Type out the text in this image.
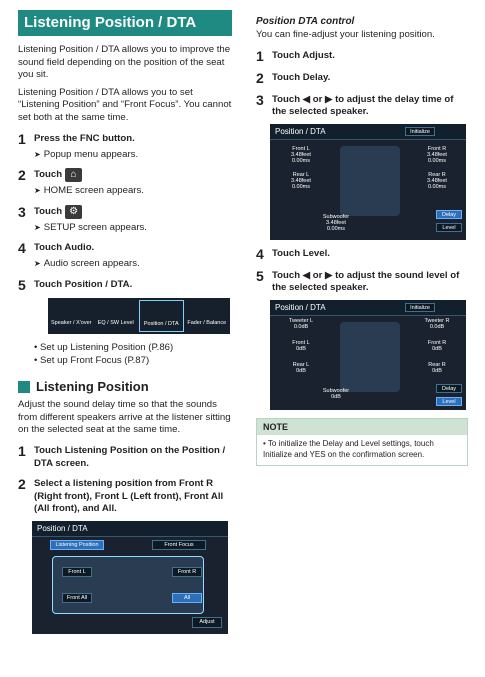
Listening Position / DTA
Listening Position / DTA allows you to improve the sound field depending on the position of the seat you sit.
Listening Position / DTA allows you to set “Listening Position” and “Front Focus”. You cannot set both at the same time.
1 Press the FNC button.
➤ Popup menu appears.
2 Touch ⌂
➤ HOME screen appears.
3 Touch ⚙
➤ SETUP screen appears.
4 Touch Audio.
➤ Audio screen appears.
5 Touch Position / DTA.
Speaker / X'over	EQ / SW Level	Position / DTA	Fader / Balance
• Set up Listening Position (P.86)
• Set up Front Focus (P.87)
Listening Position
Adjust the sound delay time so that the sounds from different speakers arrive at the listener sitting on the selected seat at the same time.
1 Touch Listening Position on the Position / DTA screen.
2 Select a listening position from Front R (Right front), Front L (Left front), Front All (All front), and All.
Position / DTA
Listening Position	Front Focus
Front L	Front R
Front All	All
Adjust
Position DTA control
You can fine-adjust your listening position.
1 Touch Adjust.
2 Touch Delay.
3 Touch ◀ or ▶ to adjust the delay time of the selected speaker.
Position / DTA	Initialize
Front L
3.48feet
0.00ms
Front R
3.48feet
0.00ms
Rear L
3.48feet
0.00ms
Rear R
3.48feet
0.00ms
Subwoofer
3.48feet
0.00ms
Delay
Level
4 Touch Level.
5 Touch ◀ or ▶ to adjust the sound level of the selected speaker.
Position / DTA	Initialize
Tweeter L
0.0dB
Tweeter R
0.0dB
Front L
0dB
Front R
0dB
Rear L
0dB
Rear R
0dB
Subwoofer
0dB
Delay
Level
NOTE
• To initialize the Delay and Level settings, touch Initialize and YES on the confirmation screen.
